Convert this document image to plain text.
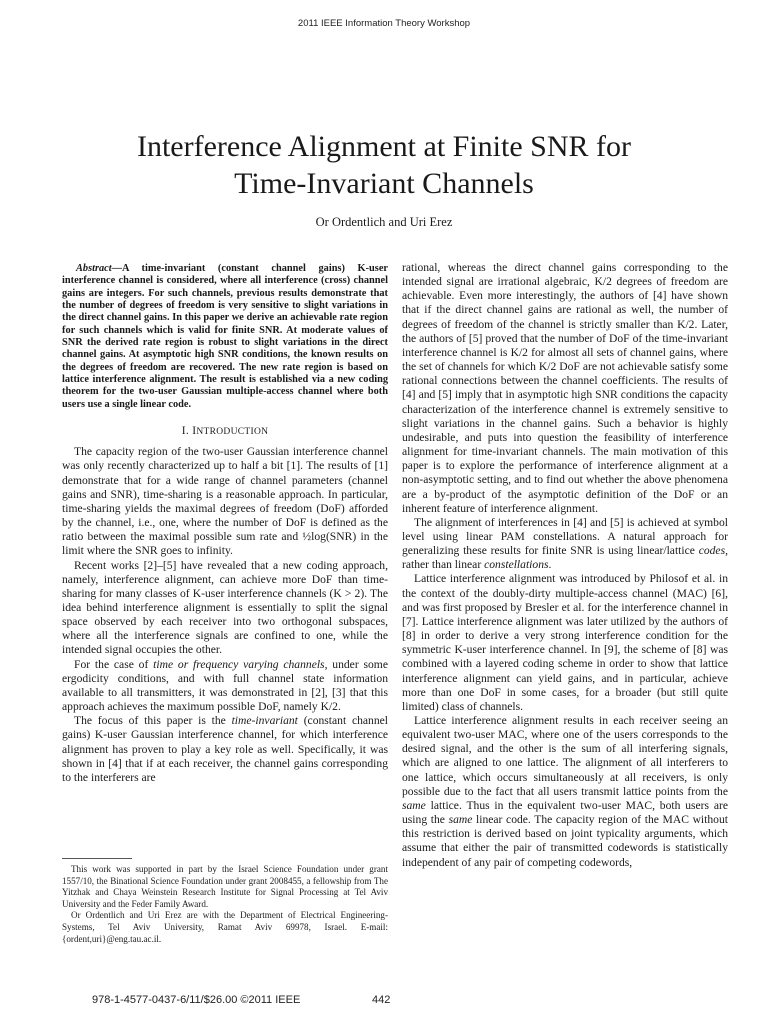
2011 IEEE Information Theory Workshop
Interference Alignment at Finite SNR for
Time-Invariant Channels
Or Ordentlich and Uri Erez

Abstract—A time-invariant (constant channel gains) K-user interference channel is considered, where all interference (cross) channel gains are integers. For such channels, previous results demonstrate that the number of degrees of freedom is very sensitive to slight variations in the direct channel gains. In this paper we derive an achievable rate region for such channels which is valid for finite SNR. At moderate values of SNR the derived rate region is robust to slight variations in the direct channel gains. At asymptotic high SNR conditions, the known results on the degrees of freedom are recovered. The new rate region is based on lattice interference alignment. The result is established via a new coding theorem for the two-user Gaussian multiple-access channel where both users use a single linear code.

I. INTRODUCTION

The capacity region of the two-user Gaussian interference channel was only recently characterized up to half a bit [1]. The results of [1] demonstrate that for a wide range of channel parameters (channel gains and SNR), time-sharing is a reasonable approach. In particular, time-sharing yields the maximal degrees of freedom (DoF) afforded by the channel, i.e., one, where the number of DoF is defined as the ratio between the maximal possible sum rate and ½log(SNR) in the limit where the SNR goes to infinity.

Recent works [2]–[5] have revealed that a new coding approach, namely, interference alignment, can achieve more DoF than time-sharing for many classes of K-user interference channels (K > 2). The idea behind interference alignment is essentially to split the signal space observed by each receiver into two orthogonal subspaces, where all the interference signals are confined to one, while the intended signal occupies the other.

For the case of time or frequency varying channels, under some ergodicity conditions, and with full channel state information available to all transmitters, it was demonstrated in [2], [3] that this approach achieves the maximum possible DoF, namely K/2.

The focus of this paper is the time-invariant (constant channel gains) K-user Gaussian interference channel, for which interference alignment has proven to play a key role as well. Specifically, it was shown in [4] that if at each receiver, the channel gains corresponding to the interferers are

This work was supported in part by the Israel Science Foundation under grant 1557/10, the Binational Science Foundation under grant 2008455, a fellowship from The Yitzhak and Chaya Weinstein Research Institute for Signal Processing at Tel Aviv University and the Feder Family Award.

Or Ordentlich and Uri Erez are with the Department of Electrical Engineering-Systems, Tel Aviv University, Ramat Aviv 69978, Israel. E-mail: {ordent,uri}@eng.tau.ac.il.

rational, whereas the direct channel gains corresponding to the intended signal are irrational algebraic, K/2 degrees of freedom are achievable. Even more interestingly, the authors of [4] have shown that if the direct channel gains are rational as well, the number of degrees of freedom of the channel is strictly smaller than K/2. Later, the authors of [5] proved that the number of DoF of the time-invariant interference channel is K/2 for almost all sets of channel gains, where the set of channels for which K/2 DoF are not achievable satisfy some rational connections between the channel coefficients. The results of [4] and [5] imply that in asymptotic high SNR conditions the capacity characterization of the interference channel is extremely sensitive to slight variations in the channel gains. Such a behavior is highly undesirable, and puts into question the feasibility of interference alignment for time-invariant channels. The main motivation of this paper is to explore the performance of interference alignment at a non-asymptotic setting, and to find out whether the above phenomena are a by-product of the asymptotic definition of the DoF or an inherent feature of interference alignment.

The alignment of interferences in [4] and [5] is achieved at symbol level using linear PAM constellations. A natural approach for generalizing these results for finite SNR is using linear/lattice codes, rather than linear constellations.

Lattice interference alignment was introduced by Philosof et al. in the context of the doubly-dirty multiple-access channel (MAC) [6], and was first proposed by Bresler et al. for the interference channel in [7]. Lattice interference alignment was later utilized by the authors of [8] in order to derive a very strong interference condition for the symmetric K-user interference channel. In [9], the scheme of [8] was combined with a layered coding scheme in order to show that lattice interference alignment can yield gains, and in particular, achieve more than one DoF in some cases, for a broader (but still quite limited) class of channels.

Lattice interference alignment results in each receiver seeing an equivalent two-user MAC, where one of the users corresponds to the desired signal, and the other is the sum of all interfering signals, which are aligned to one lattice. The alignment of all interferers to one lattice, which occurs simultaneously at all receivers, is only possible due to the fact that all users transmit lattice points from the same lattice. Thus in the equivalent two-user MAC, both users are using the same linear code. The capacity region of the MAC without this restriction is derived based on joint typicality arguments, which assume that either the pair of transmitted codewords is statistically independent of any pair of competing codewords,

978-1-4577-0437-6/11/$26.00 ©2011 IEEE	442
